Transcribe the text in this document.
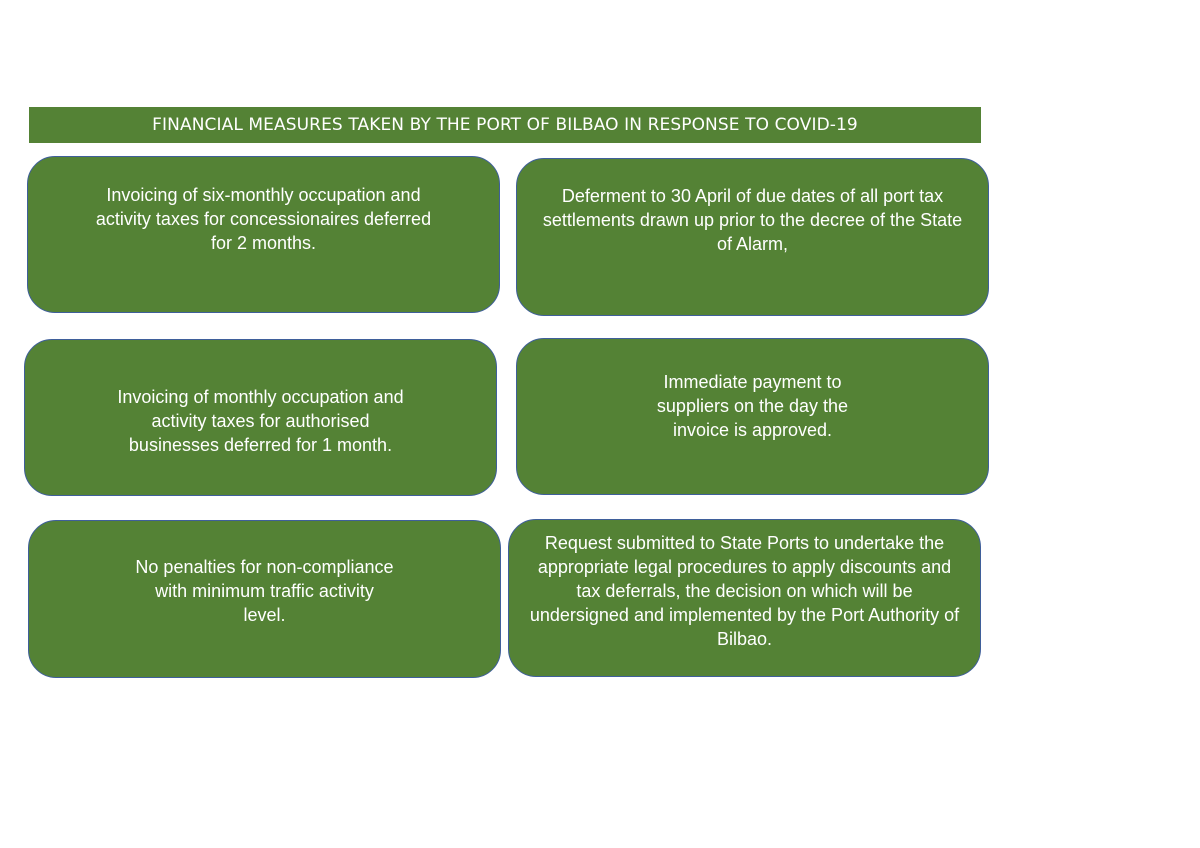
FINANCIAL MEASURES TAKEN BY THE PORT OF BILBAO IN RESPONSE TO COVID-19
Invoicing of six-monthly occupation and activity taxes for concessionaires deferred for 2 months.
Deferment to 30 April of due dates of all port tax settlements drawn up prior to the decree of the State of Alarm,
Invoicing of monthly occupation and activity taxes for authorised businesses deferred for 1 month.
Immediate payment to suppliers on the day the invoice is approved.
No penalties for non-compliance with minimum traffic activity level.
Request submitted to State Ports to undertake the appropriate legal procedures to apply discounts and tax deferrals, the decision on which will be undersigned and implemented by the Port Authority of Bilbao.
